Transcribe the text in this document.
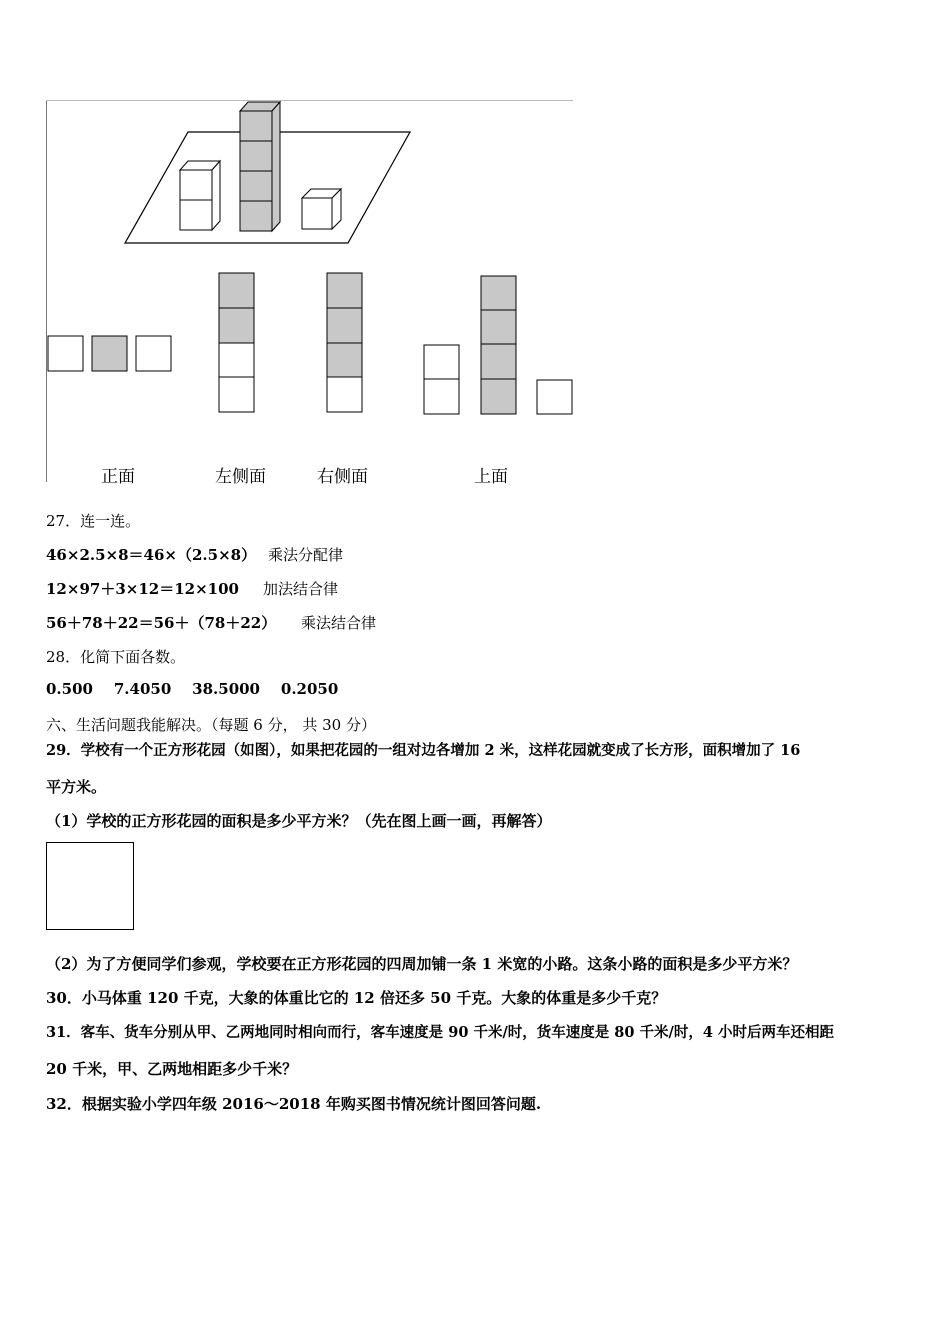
正面	左侧面	右侧面	上面
27．连一连。
46×2.5×8＝46×（2.5×8） 乘法分配律
12×97＋3×12＝12×100 加法结合律
56＋78＋22＝56＋（78＋22） 乘法结合律
28．化简下面各数。
0.500    7.4050    38.5000    0.2050
六、生活问题我能解决。（每题 6 分， 共 30 分）
29．学校有一个正方形花园（如图），如果把花园的一组对边各增加 2 米，这样花园就变成了长方形，面积增加了 16
平方米。
（1）学校的正方形花园的面积是多少平方米？（先在图上画一画，再解答）
（2）为了方便同学们参观，学校要在正方形花园的四周加铺一条 1 米宽的小路。这条小路的面积是多少平方米？
30．小马体重 120 千克，大象的体重比它的 12 倍还多 50 千克。大象的体重是多少千克？
31．客车、货车分别从甲、乙两地同时相向而行，客车速度是 90 千米/时，货车速度是 80 千米/时，4 小时后两车还相距
20 千米，甲、乙两地相距多少千米？
32．根据实验小学四年级 2016～2018 年购买图书情况统计图回答问题.
